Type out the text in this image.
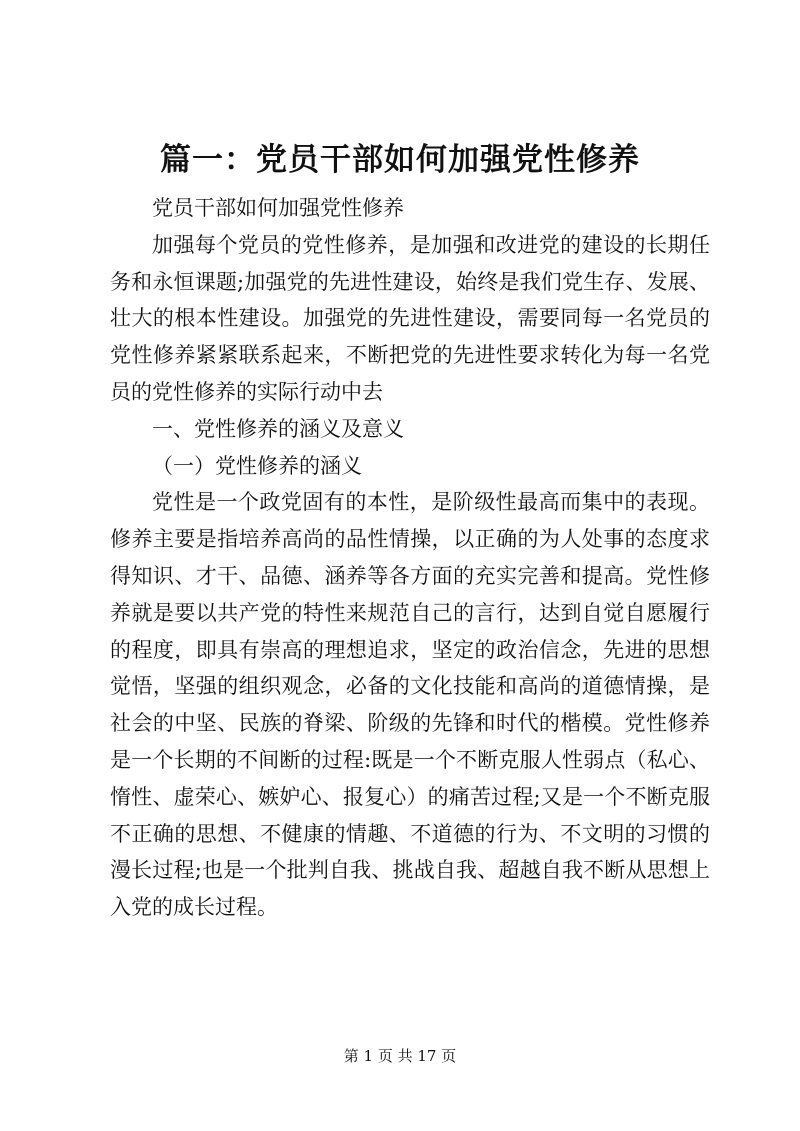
篇一：党员干部如何加强党性修养

党员干部如何加强党性修养

加强每个党员的党性修养，是加强和改进党的建设的长期任务和永恒课题;加强党的先进性建设，始终是我们党生存、发展、壮大的根本性建设。加强党的先进性建设，需要同每一名党员的党性修养紧紧联系起来，不断把党的先进性要求转化为每一名党员的党性修养的实际行动中去

一、党性修养的涵义及意义

（一）党性修养的涵义

党性是一个政党固有的本性，是阶级性最高而集中的表现。修养主要是指培养高尚的品性情操，以正确的为人处事的态度求得知识、才干、品德、涵养等各方面的充实完善和提高。党性修养就是要以共产党的特性来规范自己的言行，达到自觉自愿履行的程度，即具有崇高的理想追求，坚定的政治信念，先进的思想觉悟，坚强的组织观念，必备的文化技能和高尚的道德情操，是社会的中坚、民族的脊梁、阶级的先锋和时代的楷模。党性修养是一个长期的不间断的过程:既是一个不断克服人性弱点（私心、惰性、虚荣心、嫉妒心、报复心）的痛苦过程;又是一个不断克服不正确的思想、不健康的情趣、不道德的行为、不文明的习惯的漫长过程;也是一个批判自我、挑战自我、超越自我不断从思想上入党的成长过程。

第 1 页 共 17 页
